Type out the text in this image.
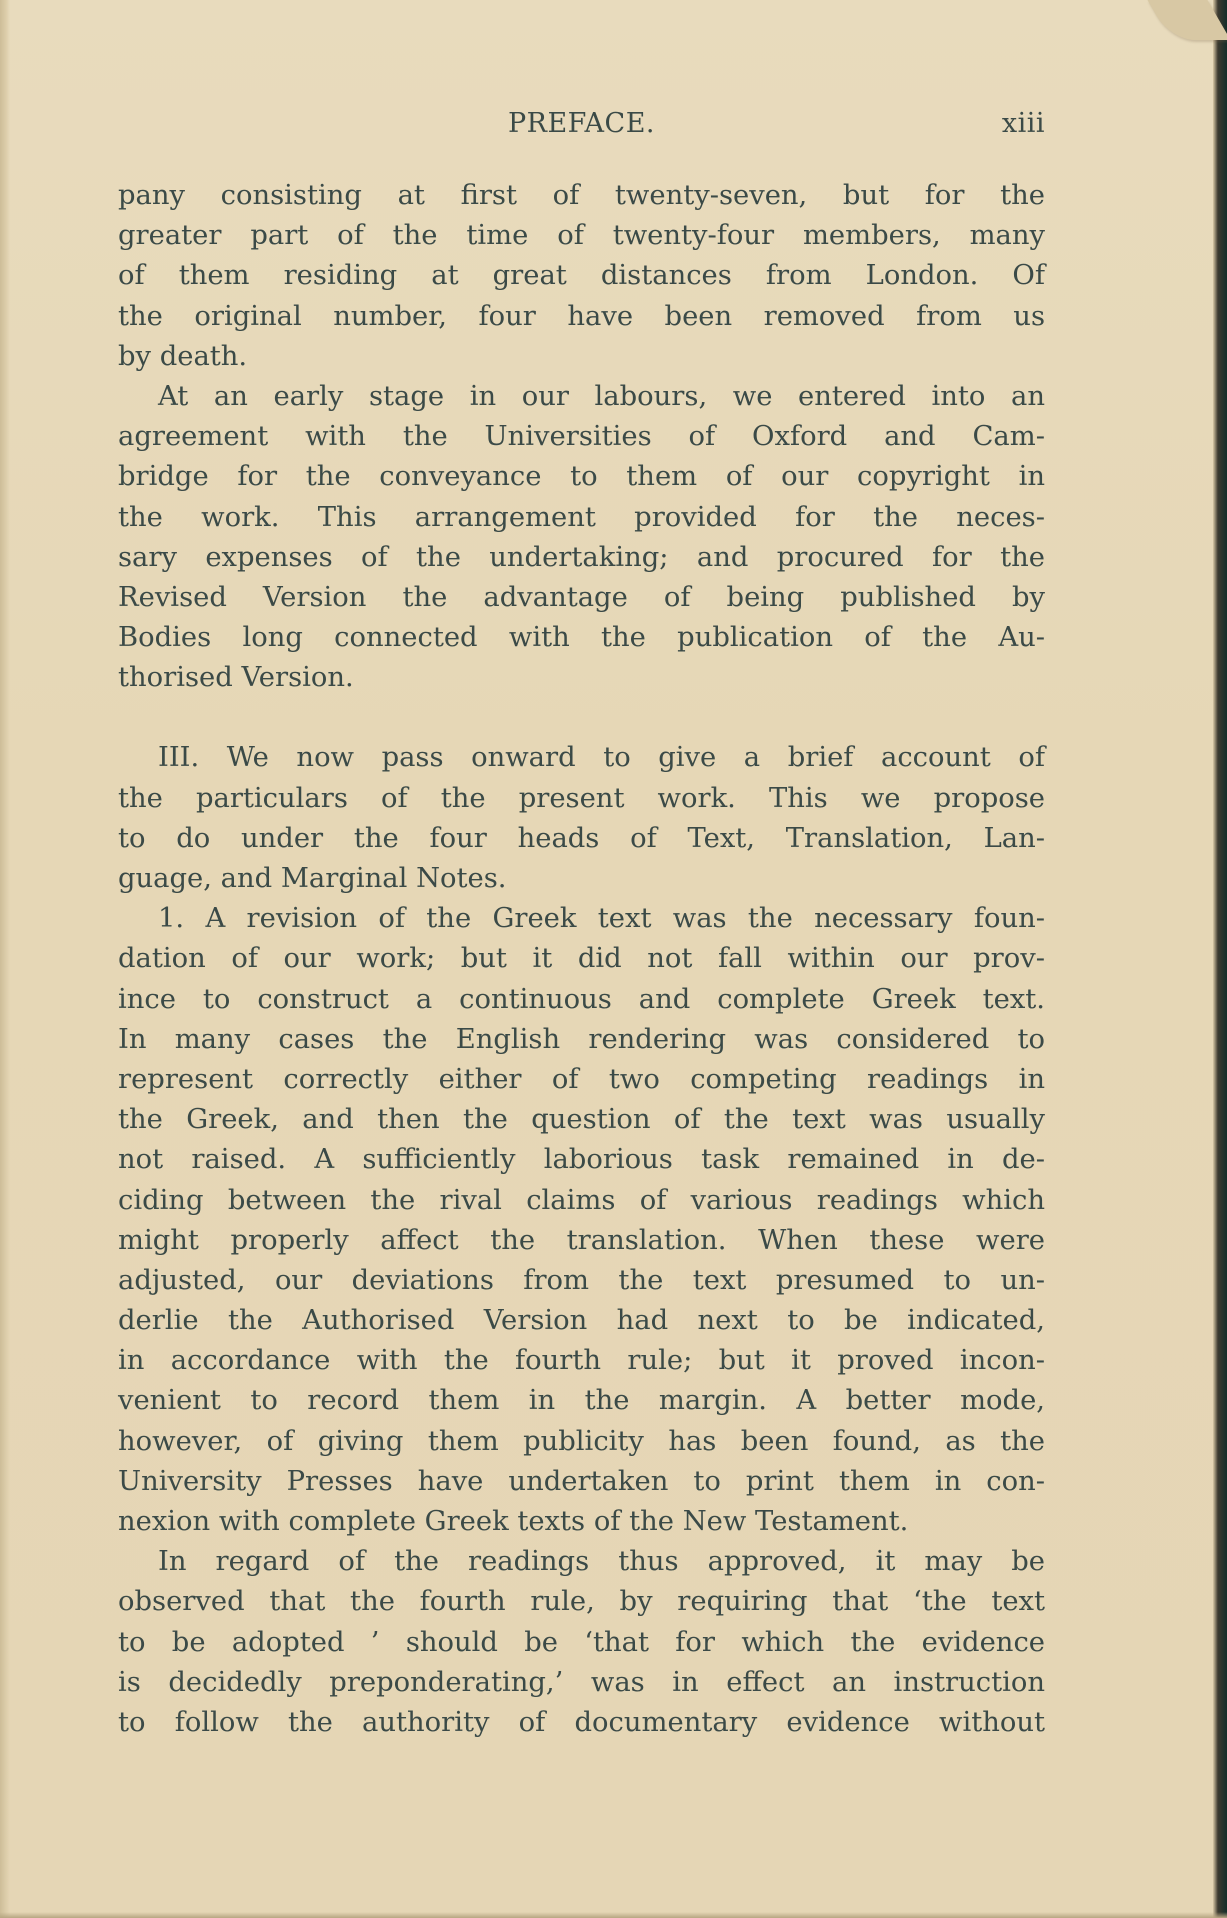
PREFACE.	xiii
pany consisting at first of twenty-seven, but for the
greater part of the time of twenty-four members, many
of them residing at great distances from London. Of
the original number, four have been removed from us
by death.
At an early stage in our labours, we entered into an
agreement with the Universities of Oxford and Cam-
bridge for the conveyance to them of our copyright in
the work. This arrangement provided for the neces-
sary expenses of the undertaking; and procured for the
Revised Version the advantage of being published by
Bodies long connected with the publication of the Au-
thorised Version.
III. We now pass onward to give a brief account of
the particulars of the present work. This we propose
to do under the four heads of Text, Translation, Lan-
guage, and Marginal Notes.
1. A revision of the Greek text was the necessary foun-
dation of our work; but it did not fall within our prov-
ince to construct a continuous and complete Greek text.
In many cases the English rendering was considered to
represent correctly either of two competing readings in
the Greek, and then the question of the text was usually
not raised. A sufficiently laborious task remained in de-
ciding between the rival claims of various readings which
might properly affect the translation. When these were
adjusted, our deviations from the text presumed to un-
derlie the Authorised Version had next to be indicated,
in accordance with the fourth rule; but it proved incon-
venient to record them in the margin. A better mode,
however, of giving them publicity has been found, as the
University Presses have undertaken to print them in con-
nexion with complete Greek texts of the New Testament.
In regard of the readings thus approved, it may be
observed that the fourth rule, by requiring that ‘the text
to be adopted ’ should be ‘that for which the evidence
is decidedly preponderating,’ was in effect an instruction
to follow the authority of documentary evidence without
